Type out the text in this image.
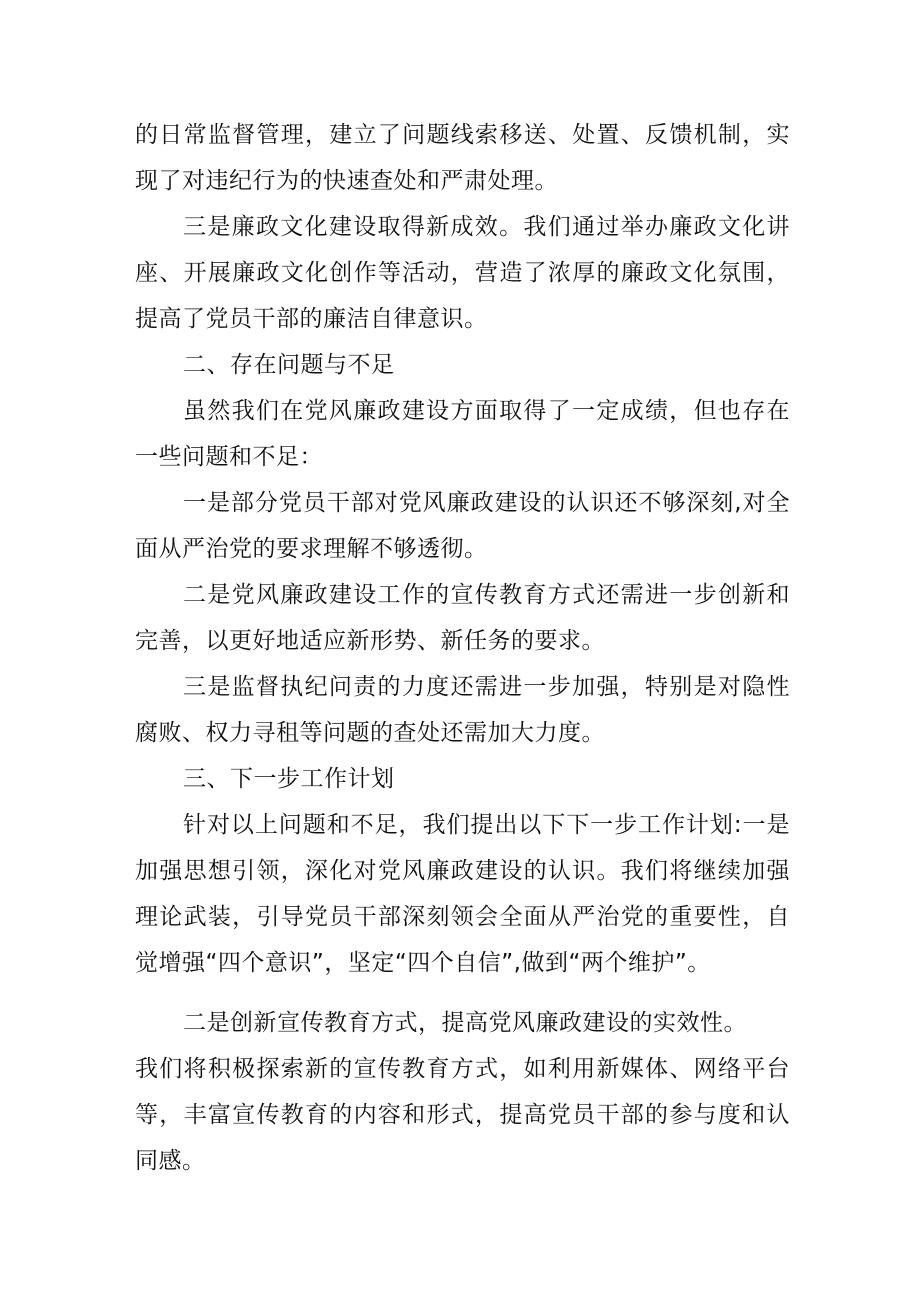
的日常监督管理，建立了问题线索移送、处置、反馈机制，实现了对违纪行为的快速查处和严肃处理。

三是廉政文化建设取得新成效。我们通过举办廉政文化讲座、开展廉政文化创作等活动，营造了浓厚的廉政文化氛围，提高了党员干部的廉洁自律意识。

二、存在问题与不足

虽然我们在党风廉政建设方面取得了一定成绩，但也存在一些问题和不足：

一是部分党员干部对党风廉政建设的认识还不够深刻,对全面从严治党的要求理解不够透彻。

二是党风廉政建设工作的宣传教育方式还需进一步创新和完善，以更好地适应新形势、新任务的要求。

三是监督执纪问责的力度还需进一步加强，特别是对隐性腐败、权力寻租等问题的查处还需加大力度。

三、下一步工作计划

针对以上问题和不足，我们提出以下下一步工作计划:一是加强思想引领，深化对党风廉政建设的认识。我们将继续加强理论武装，引导党员干部深刻领会全面从严治党的重要性，自觉增强“四个意识”，坚定“四个自信”,做到“两个维护”。

二是创新宣传教育方式，提高党风廉政建设的实效性。

我们将积极探索新的宣传教育方式，如利用新媒体、网络平台等，丰富宣传教育的内容和形式，提高党员干部的参与度和认同感。
